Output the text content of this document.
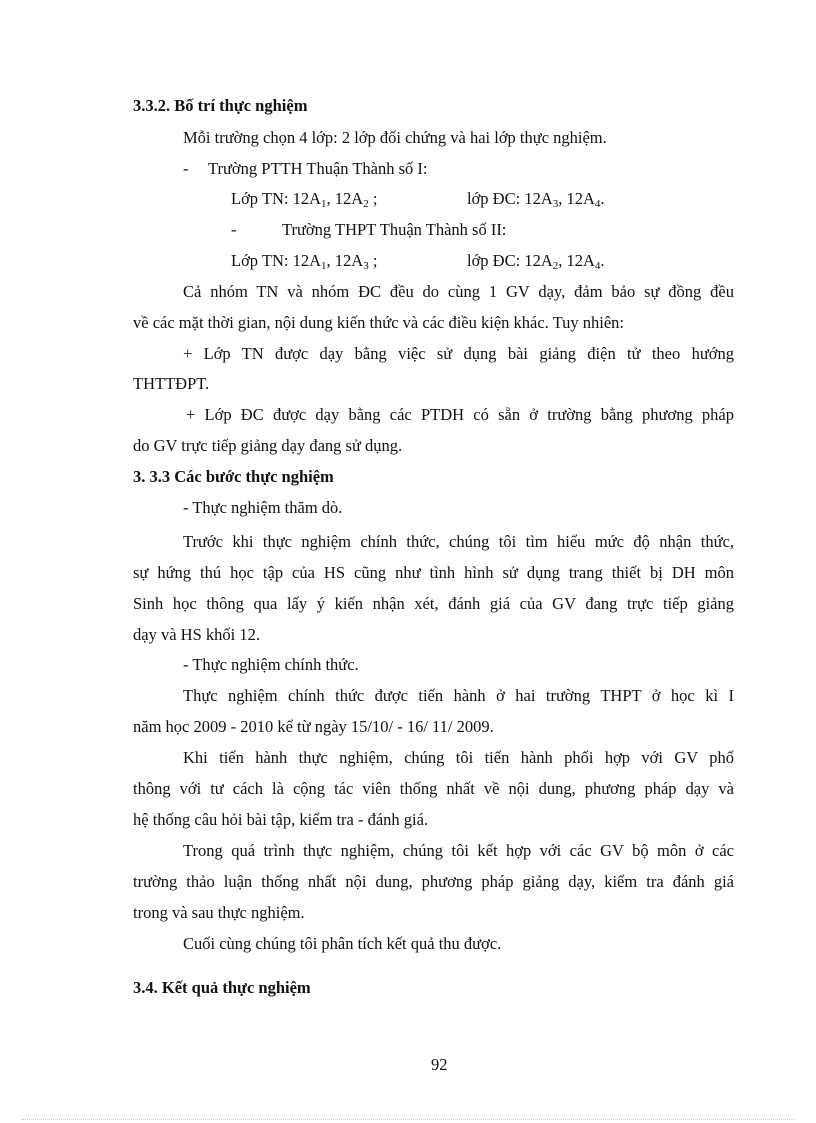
3.3.2. Bố trí thực nghiệm
Mỗi trường chọn 4 lớp: 2 lớp đối chứng và hai lớp thực nghiệm.
- Trường PTTH Thuận Thành số I:
Lớp TN: $12A_1$, $12A_2$ ;	lớp ĐC: $12A_3$, $12A_4$.
-	Trường THPT Thuận Thành số II:
Lớp TN: $12A_1$, $12A_3$ ;	lớp ĐC: $12A_2$, $12A_4$.
Cả nhóm TN và nhóm ĐC đều do cùng 1 GV dạy, đảm bảo sự đồng đều
về các mặt thời gian, nội dung kiến thức và các điều kiện khác. Tuy nhiên:
+ Lớp TN được dạy bằng việc sử dụng bài giảng điện tử theo hướng
THTTĐPT.
+ Lớp ĐC được dạy bằng các PTDH có sẵn ở trường bằng phương pháp
do GV trực tiếp giảng dạy đang sử dụng.
3. 3.3 Các bước thực nghiệm
- Thực nghiệm thăm dò.
Trước khi thực nghiệm chính thức, chúng tôi tìm hiểu mức độ nhận thức,
sự hứng thú học tập của HS cũng như tình hình sử dụng trang thiết bị DH môn
Sinh học thông qua lấy ý kiến nhận xét, đánh giá của GV đang trực tiếp giảng
dạy và HS khối 12.
- Thực nghiệm chính thức.
Thực nghiệm chính thức được tiến hành ở hai trường THPT ở học kì I
năm học 2009 - 2010 kể từ ngày 15/10/ - 16/ 11/ 2009.
Khi tiến hành thực nghiệm, chúng tôi tiến hành phối hợp với GV phổ
thông với tư cách là cộng tác viên thống nhất về nội dung, phương pháp dạy và
hệ thống câu hỏi bài tập, kiểm tra - đánh giá.
Trong quá trình thực nghiệm, chúng tôi kết hợp với các GV bộ môn ở các
trường thảo luận thống nhất nội dung, phương pháp giảng dạy, kiểm tra đánh giá
trong và sau thực nghiệm.
Cuối cùng chúng tôi phân tích kết quả thu được.
3.4. Kết quả thực nghiệm
92
